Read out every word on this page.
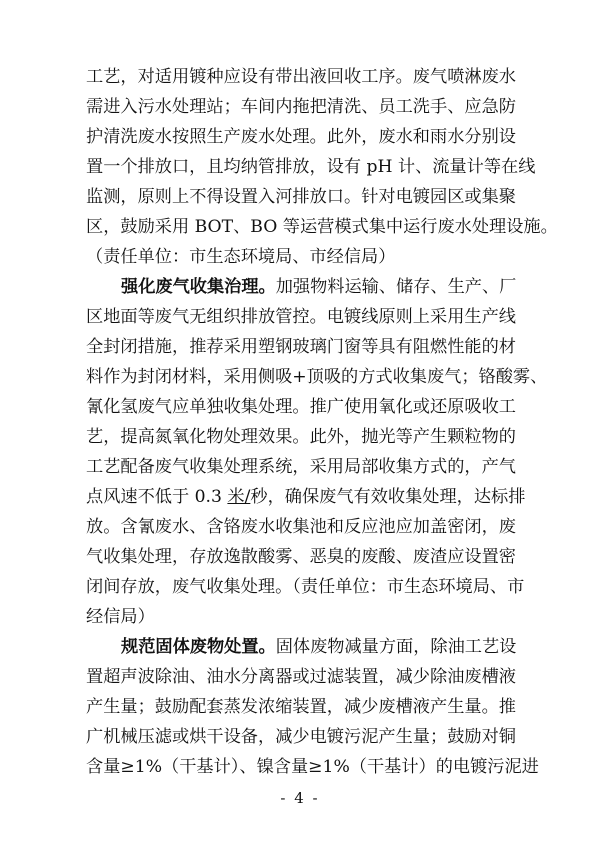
工艺，对适用镀种应设有带出液回收工序。废气喷淋废水
需进入污水处理站；车间内拖把清洗、员工洗手、应急防
护清洗废水按照生产废水处理。此外，废水和雨水分别设
置一个排放口，且均纳管排放，设有 pH 计、流量计等在线
监测，原则上不得设置入河排放口。针对电镀园区或集聚
区，鼓励采用 BOT、BO 等运营模式集中运行废水处理设施。
（责任单位：市生态环境局、市经信局）
强化废气收集治理。加强物料运输、储存、生产、厂
区地面等废气无组织排放管控。电镀线原则上采用生产线
全封闭措施，推荐采用塑钢玻璃门窗等具有阻燃性能的材
料作为封闭材料，采用侧吸+顶吸的方式收集废气；铬酸雾、
氰化氢废气应单独收集处理。推广使用氧化或还原吸收工
艺，提高氮氧化物处理效果。此外，抛光等产生颗粒物的
工艺配备废气收集处理系统，采用局部收集方式的，产气
点风速不低于 0.3 米/秒，确保废气有效收集处理，达标排
放。含氰废水、含铬废水收集池和反应池应加盖密闭，废
气收集处理，存放逸散酸雾、恶臭的废酸、废渣应设置密
闭间存放，废气收集处理。（责任单位：市生态环境局、市
经信局）
规范固体废物处置。固体废物减量方面，除油工艺设
置超声波除油、油水分离器或过滤装置，减少除油废槽液
产生量；鼓励配套蒸发浓缩装置，减少废槽液产生量。推
广机械压滤或烘干设备，减少电镀污泥产生量；鼓励对铜
含量≥1%（干基计）、镍含量≥1%（干基计）的电镀污泥进
- 4 -
